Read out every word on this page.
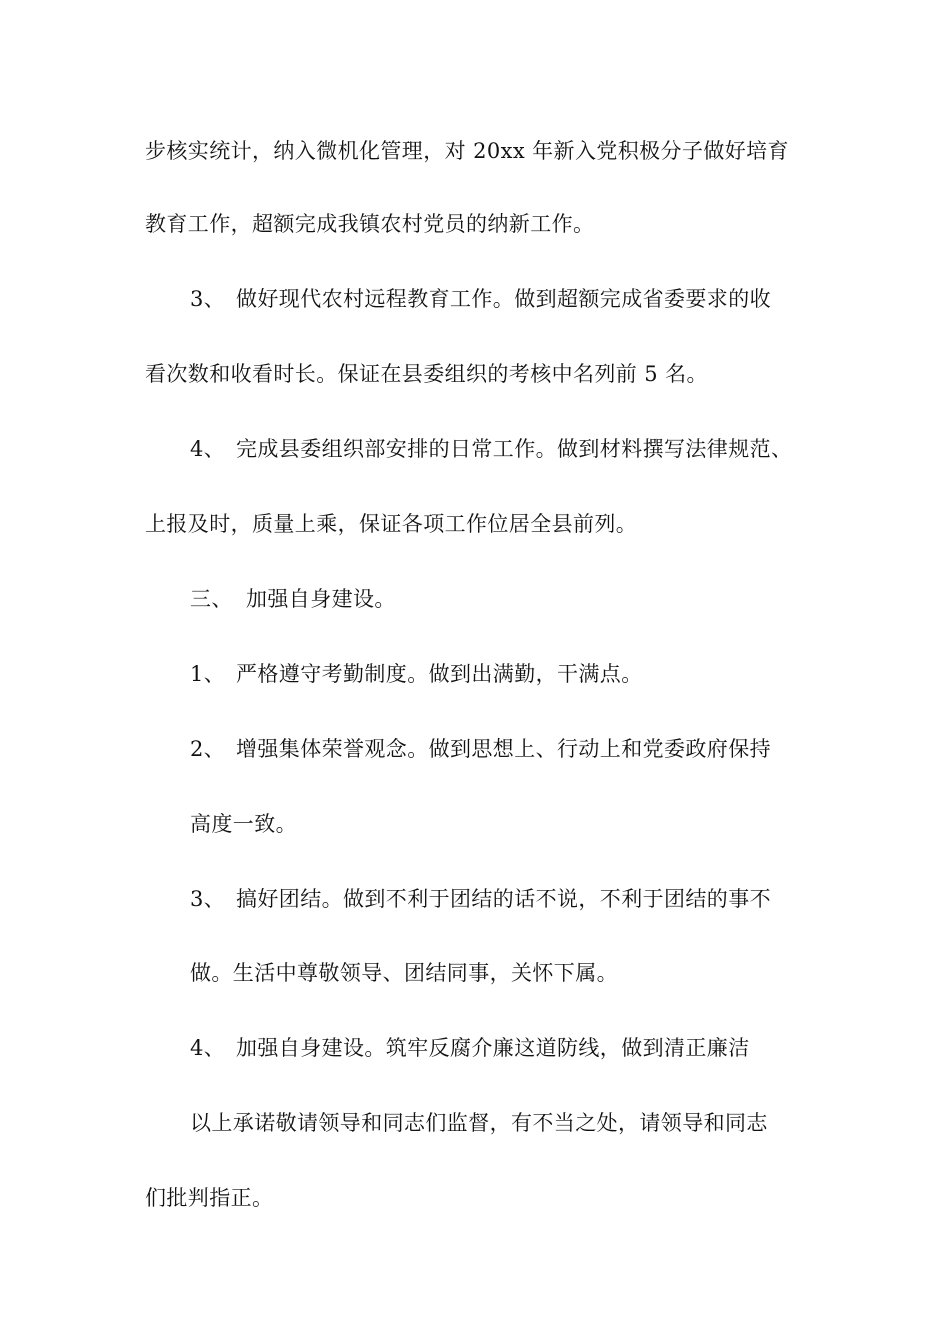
步核实统计，纳入微机化管理，对 20xx 年新入党积极分子做好培育

教育工作，超额完成我镇农村党员的纳新工作。

3、 做好现代农村远程教育工作。做到超额完成省委要求的收

看次数和收看时长。保证在县委组织的考核中名列前 5 名。

4、 完成县委组织部安排的日常工作。做到材料撰写法律规范、

上报及时，质量上乘，保证各项工作位居全县前列。

三、 加强自身建设。

1、 严格遵守考勤制度。做到出满勤，干满点。

2、 增强集体荣誉观念。做到思想上、行动上和党委政府保持

高度一致。

3、 搞好团结。做到不利于团结的话不说，不利于团结的事不

做。生活中尊敬领导、团结同事，关怀下属。

4、 加强自身建设。筑牢反腐介廉这道防线，做到清正廉洁

以上承诺敬请领导和同志们监督，有不当之处，请领导和同志

们批判指正。
